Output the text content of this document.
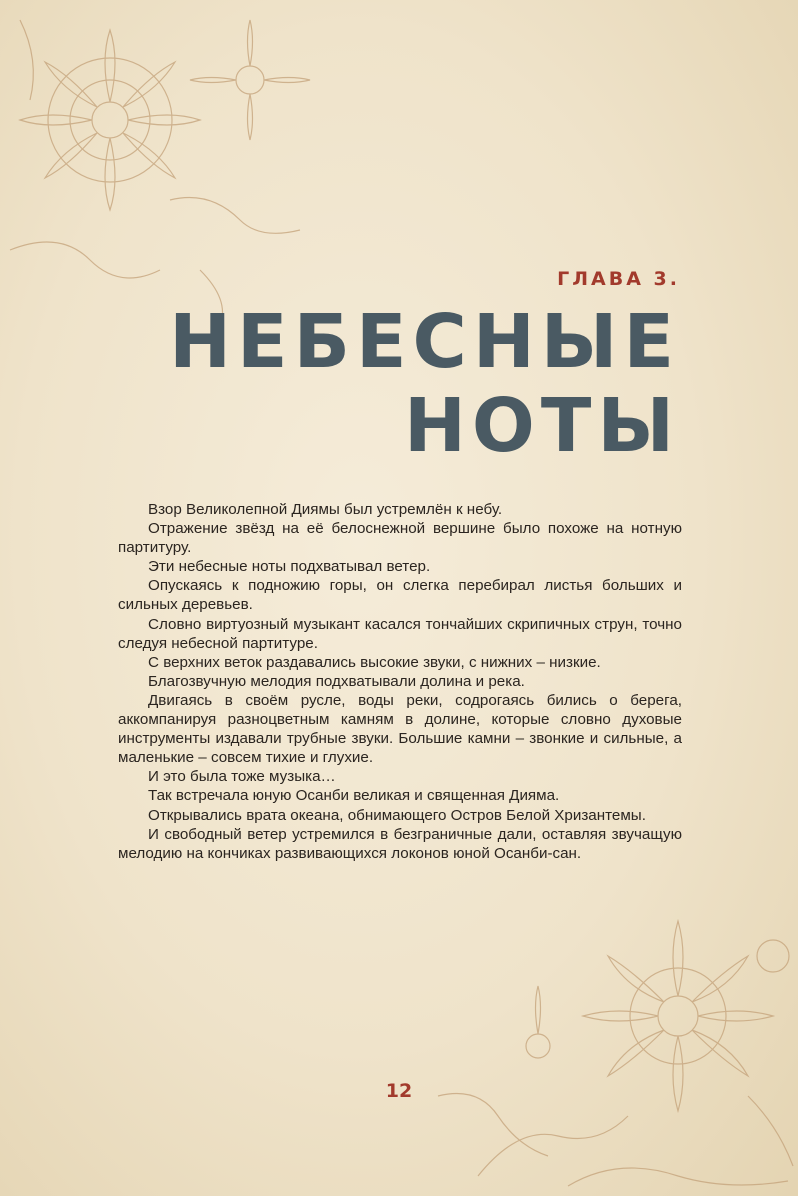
ГЛАВА 3.
НЕБЕСНЫЕ
НОТЫ

Взор Великолепной Диямы был устремлён к небу.

Отражение звёзд на её белоснежной вершине было похоже на нотную партитуру.

Эти небесные ноты подхватывал ветер.

Опускаясь к подножию горы, он слегка перебирал листья больших и сильных деревьев.

Словно виртуозный музыкант касался тончайших скрипичных струн, точно следуя небесной партитуре.

С верхних веток раздавались высокие звуки, с нижних – низкие.

Благозвучную мелодия подхватывали долина и река.

Двигаясь в своём русле, воды реки, содрогаясь бились о берега, аккомпанируя разноцветным камням в долине, которые словно духовые инструменты издавали трубные звуки. Большие камни – звонкие и сильные, а маленькие – совсем тихие и глухие.

И это была тоже музыка…

Так встречала юную Осанби великая и священная Дияма.

Открывались врата океана, обнимающего Остров Белой Хризантемы.

И свободный ветер устремился в безграничные дали, оставляя звучащую мелодию на кончиках развивающихся локонов юной Осанби-сан.

12
